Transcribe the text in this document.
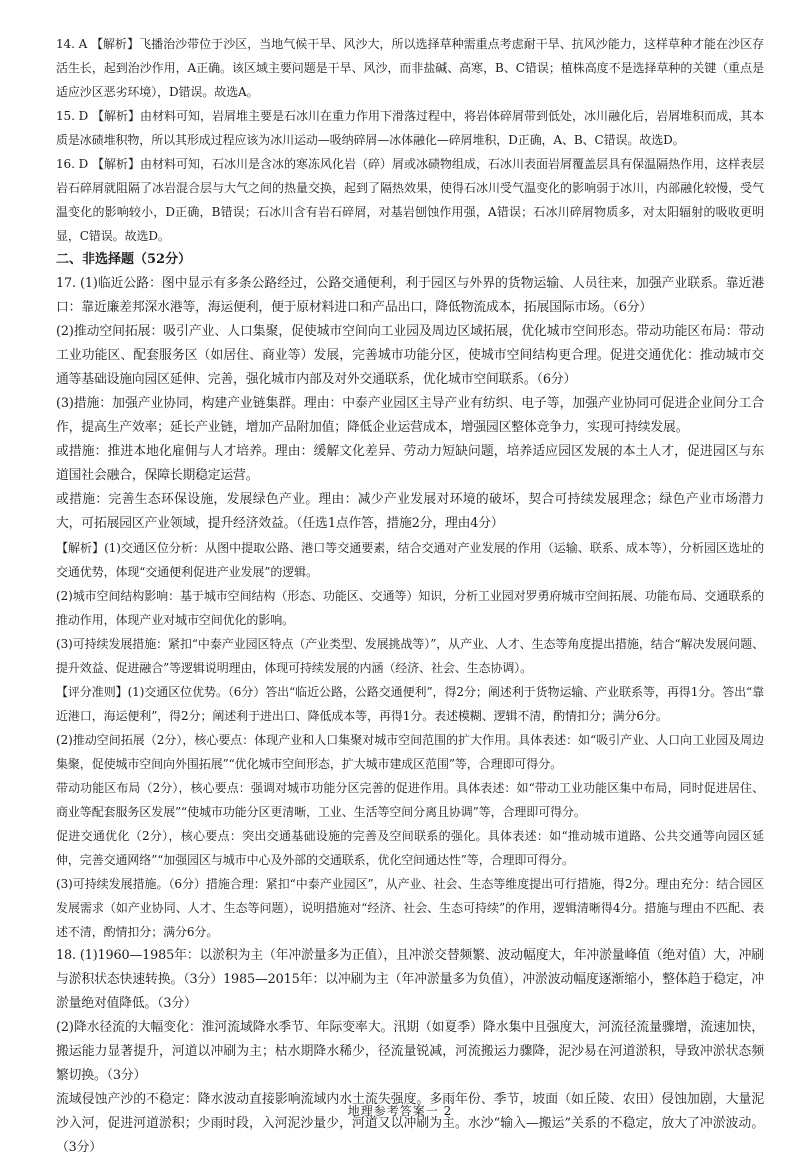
14. A 【解析】飞播治沙带位于沙区，当地气候干旱、风沙大，所以选择草种需重点考虑耐干旱、抗风沙能力，这样草种才能在沙区存活生长，起到治沙作用，A正确。该区域主要问题是干旱、风沙，而非盐碱、高寒，B、C错误；植株高度不是选择草种的关键（重点是适应沙区恶劣环境），D错误。故选A。

15. D 【解析】由材料可知，岩屑堆主要是石冰川在重力作用下滑落过程中，将岩体碎屑带到低处，冰川融化后，岩屑堆积而成，其本质是冰碛堆积物，所以其形成过程应该为冰川运动—吸纳碎屑—冰体融化—碎屑堆积，D正确，A、B、C错误。故选D。

16. D 【解析】由材料可知，石冰川是含冰的寒冻风化岩（碎）屑或冰碛物组成，石冰川表面岩屑覆盖层具有保温隔热作用，这样表层岩石碎屑就阻隔了冰岩混合层与大气之间的热量交换，起到了隔热效果，使得石冰川受气温变化的影响弱于冰川，内部融化较慢，受气温变化的影响较小，D正确，B错误；石冰川含有岩石碎屑，对基岩刨蚀作用强，A错误；石冰川碎屑物质多，对太阳辐射的吸收更明显，C错误。故选D。

二、非选择题（52分）

17. (1)临近公路：图中显示有多条公路经过，公路交通便利，利于园区与外界的货物运输、人员往来，加强产业联系。靠近港口：靠近廉差邦深水港等，海运便利，便于原材料进口和产品出口，降低物流成本，拓展国际市场。（6分）

(2)推动空间拓展：吸引产业、人口集聚，促使城市空间向工业园及周边区域拓展，优化城市空间形态。带动功能区布局：带动工业功能区、配套服务区（如居住、商业等）发展，完善城市功能分区，使城市空间结构更合理。促进交通优化：推动城市交通等基础设施向园区延伸、完善，强化城市内部及对外交通联系，优化城市空间联系。（6分）

(3)措施：加强产业协同，构建产业链集群。理由：中泰产业园区主导产业有纺织、电子等，加强产业协同可促进企业间分工合作，提高生产效率；延长产业链，增加产品附加值；降低企业运营成本，增强园区整体竞争力，实现可持续发展。

或措施：推进本地化雇佣与人才培养。理由：缓解文化差异、劳动力短缺问题，培养适应园区发展的本土人才，促进园区与东道国社会融合，保障长期稳定运营。

或措施：完善生态环保设施，发展绿色产业。理由：减少产业发展对环境的破坏，契合可持续发展理念；绿色产业市场潜力大，可拓展园区产业领域，提升经济效益。（任选1点作答，措施2分，理由4分）

【解析】(1)交通区位分析：从图中提取公路、港口等交通要素，结合交通对产业发展的作用（运输、联系、成本等），分析园区选址的交通优势，体现“交通便利促进产业发展”的逻辑。

(2)城市空间结构影响：基于城市空间结构（形态、功能区、交通等）知识，分析工业园对罗勇府城市空间拓展、功能布局、交通联系的推动作用，体现产业对城市空间优化的影响。

(3)可持续发展措施：紧扣“中泰产业园区特点（产业类型、发展挑战等）”，从产业、人才、生态等角度提出措施，结合“解决发展问题、提升效益、促进融合”等逻辑说明理由，体现可持续发展的内涵（经济、社会、生态协调）。

【评分准则】(1)交通区位优势。（6分）答出“临近公路，公路交通便利”，得2分；阐述利于货物运输、产业联系等，再得1分。答出“靠近港口，海运便利”，得2分；阐述利于进出口、降低成本等，再得1分。表述模糊、逻辑不清，酌情扣分；满分6分。

(2)推动空间拓展（2分），核心要点：体现产业和人口集聚对城市空间范围的扩大作用。具体表述：如“吸引产业、人口向工业园及周边集聚，促使城市空间向外围拓展”“优化城市空间形态，扩大城市建成区范围”等，合理即可得分。

带动功能区布局（2分），核心要点：强调对城市功能分区完善的促进作用。具体表述：如“带动工业功能区集中布局，同时促进居住、商业等配套服务区发展”“使城市功能分区更清晰，工业、生活等空间分离且协调”等，合理即可得分。

促进交通优化（2分），核心要点：突出交通基础设施的完善及空间联系的强化。具体表述：如“推动城市道路、公共交通等向园区延伸，完善交通网络”“加强园区与城市中心及外部的交通联系，优化空间通达性”等，合理即可得分。

(3)可持续发展措施。（6分）措施合理：紧扣“中泰产业园区”，从产业、社会、生态等维度提出可行措施，得2分。理由充分：结合园区发展需求（如产业协同、人才、生态等问题），说明措施对“经济、社会、生态可持续”的作用，逻辑清晰得4分。措施与理由不匹配、表述不清，酌情扣分；满分6分。

18. (1)1960—1985年：以淤积为主（年冲淤量多为正值），且冲淤交替频繁、波动幅度大，年冲淤量峰值（绝对值）大，冲刷与淤积状态快速转换。（3分）1985—2015年：以冲刷为主（年冲淤量多为负值），冲淤波动幅度逐渐缩小，整体趋于稳定，冲淤量绝对值降低。（3分）

(2)降水径流的大幅变化：淮河流域降水季节、年际变率大。汛期（如夏季）降水集中且强度大，河流径流量骤增，流速加快，搬运能力显著提升，河道以冲刷为主；枯水期降水稀少，径流量锐减，河流搬运力骤降，泥沙易在河道淤积，导致冲淤状态频繁切换。（3分）

流域侵蚀产沙的不稳定：降水波动直接影响流域内水土流失强度。多雨年份、季节，坡面（如丘陵、农田）侵蚀加剧，大量泥沙入河，促进河道淤积；少雨时段，入河泥沙量少，河道又以冲刷为主。水沙“输入—搬运”关系的不稳定，放大了冲淤波动。（3分）

地理参考答案一 2
